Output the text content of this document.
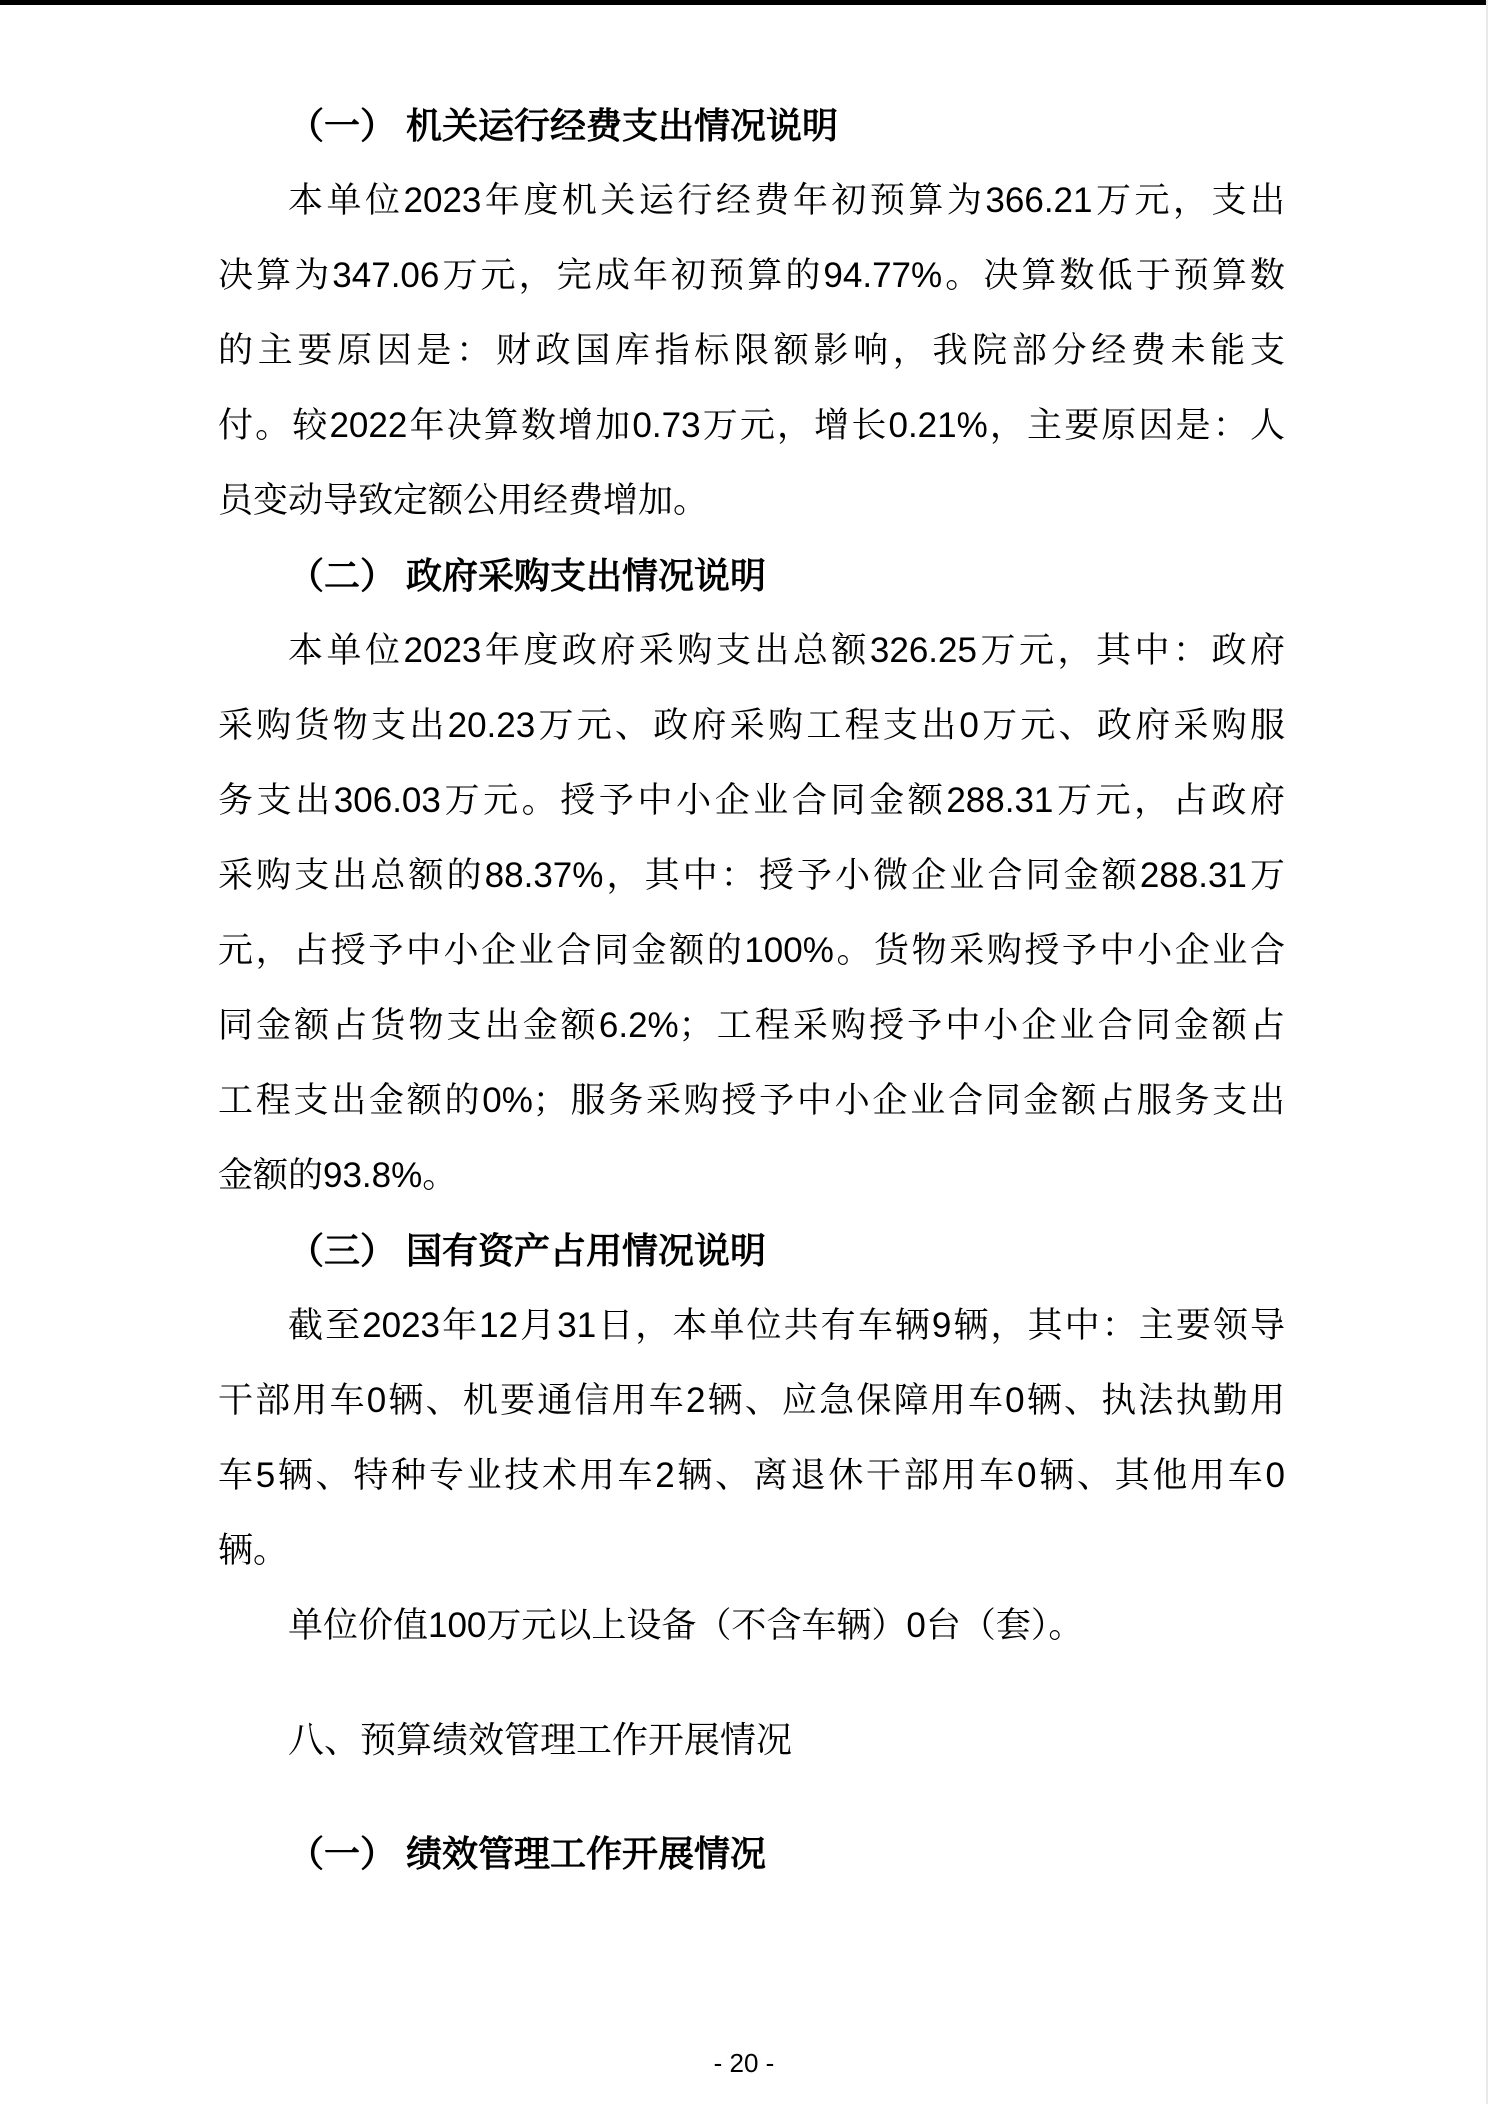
（一） 机关运行经费支出情况说明
本单位2023年度机关运行经费年初预算为366.21万元，支出
决算为347.06万元，完成年初预算的94.77%。决算数低于预算数
的主要原因是：财政国库指标限额影响，我院部分经费未能支
付。较2022年决算数增加0.73万元，增长0.21%，主要原因是：人
员变动导致定额公用经费增加。
（二） 政府采购支出情况说明
本单位2023年度政府采购支出总额326.25万元，其中：政府
采购货物支出20.23万元、政府采购工程支出0万元、政府采购服
务支出306.03万元。授予中小企业合同金额288.31万元，占政府
采购支出总额的88.37%，其中：授予小微企业合同金额288.31万
元，占授予中小企业合同金额的100%。货物采购授予中小企业合
同金额占货物支出金额6.2%；工程采购授予中小企业合同金额占
工程支出金额的0%；服务采购授予中小企业合同金额占服务支出
金额的93.8%。
（三） 国有资产占用情况说明
截至2023年12月31日，本单位共有车辆9辆，其中：主要领导
干部用车0辆、机要通信用车2辆、应急保障用车0辆、执法执勤用
车5辆、特种专业技术用车2辆、离退休干部用车0辆、其他用车0
辆。
单位价值100万元以上设备（不含车辆）0台（套）。
八、预算绩效管理工作开展情况
（一） 绩效管理工作开展情况
- 20 -
